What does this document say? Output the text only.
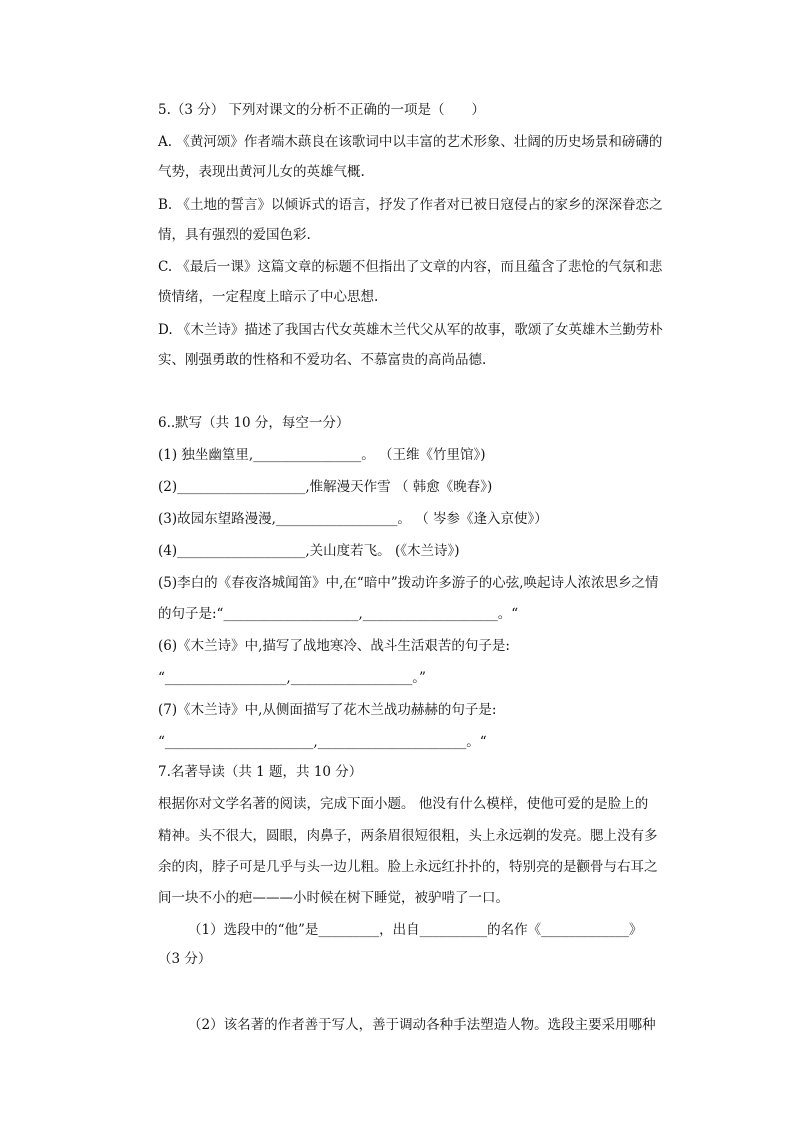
5.（3 分） 下列对课文的分析不正确的一项是（　　）
A. 《黄河颂》作者端木蕻良在该歌词中以丰富的艺术形象、壮阔的历史场景和磅礴的
气势，表现出黄河儿女的英雄气概.
B. 《土地的誓言》以倾诉式的语言，抒发了作者对已被日寇侵占的家乡的深深眷恋之
情，具有强烈的爱国色彩.
C. 《最后一课》这篇文章的标题不但指出了文章的内容，而且蕴含了悲怆的气氛和悲
愤情绪，一定程度上暗示了中心思想.
D. 《木兰诗》描述了我国古代女英雄木兰代父从军的故事，歌颂了女英雄木兰勤劳朴
实、刚强勇敢的性格和不爱功名、不慕富贵的高尚品德.
6..默写（共 10 分，每空一分）
(1) 独坐幽篁里,________________。 （王维《竹里馆》)
(2)___________________,惟解漫天作雪 （ 韩愈《晚春》)
(3)故园东望路漫漫,__________________。 （ 岑参《逢入京使》）
(4)___________________,关山度若飞。 (《木兰诗》)
(5)李白的《春夜洛城闻笛》中,在“暗中”拨动许多游子的心弦,唤起诗人浓浓思乡之情
的句子是:“____________________,____________________。“
(6)《木兰诗》中,描写了战地寒冷、战斗生活艰苦的句子是:
“__________________,__________________。”
(7)《木兰诗》中,从侧面描写了花木兰战功赫赫的句子是:
“______________________,______________________。“
7.名著导读（共 1 题，共 10 分）
根据你对文学名著的阅读，完成下面小题。 他没有什么模样，使他可爱的是脸上的
精神。头不很大，圆眼，肉鼻子，两条眉很短很粗，头上永远剃的发亮。腮上没有多
余的肉，脖子可是几乎与头一边儿粗。脸上永远红扑扑的，特别亮的是颧骨与右耳之
间一块不小的疤———小时候在树下睡觉，被驴啃了一口。
（1）选段中的“他”是_________，出自__________的名作《_____________》
（3 分）
（2）该名著的作者善于写人，善于调动各种手法塑造人物。选段主要采用哪种
